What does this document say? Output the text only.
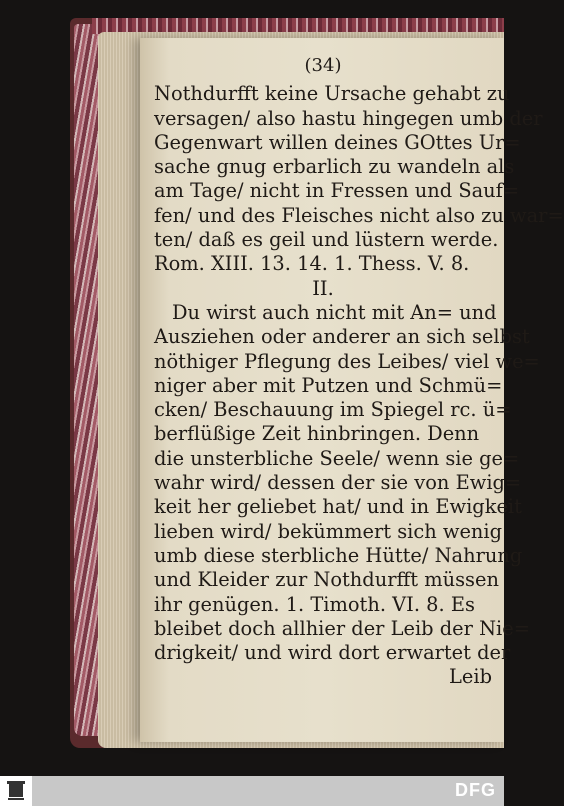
(34)
Nothdurfft keine Ursache gehabt zu
versagen/ also hastu hingegen umb der
Gegenwart willen deines GOttes Ur=
sache gnug erbarlich zu wandeln als
am Tage/ nicht in Fressen und Sauf=
fen/ und des Fleisches nicht also zu war=
ten/ daß es geil und lüstern werde.
Rom. XIII. 13. 14. 1. Thess. V. 8.
II.
Du wirst auch nicht mit An= und
Ausziehen oder anderer an sich selbst
nöthiger Pflegung des Leibes/ viel we=
niger aber mit Putzen und Schmü=
cken/ Beschauung im Spiegel rc. ü=
berflüßige Zeit hinbringen. Denn
die unsterbliche Seele/ wenn sie ge=
wahr wird/ dessen der sie von Ewig=
keit her geliebet hat/ und in Ewigkeit
lieben wird/ bekümmert sich wenig
umb diese sterbliche Hütte/ Nahrung
und Kleider zur Nothdurfft müssen
ihr genügen. 1. Timoth. VI. 8. Es
bleibet doch allhier der Leib der Nie=
drigkeit/ und wird dort erwartet der
Leib
DFG
